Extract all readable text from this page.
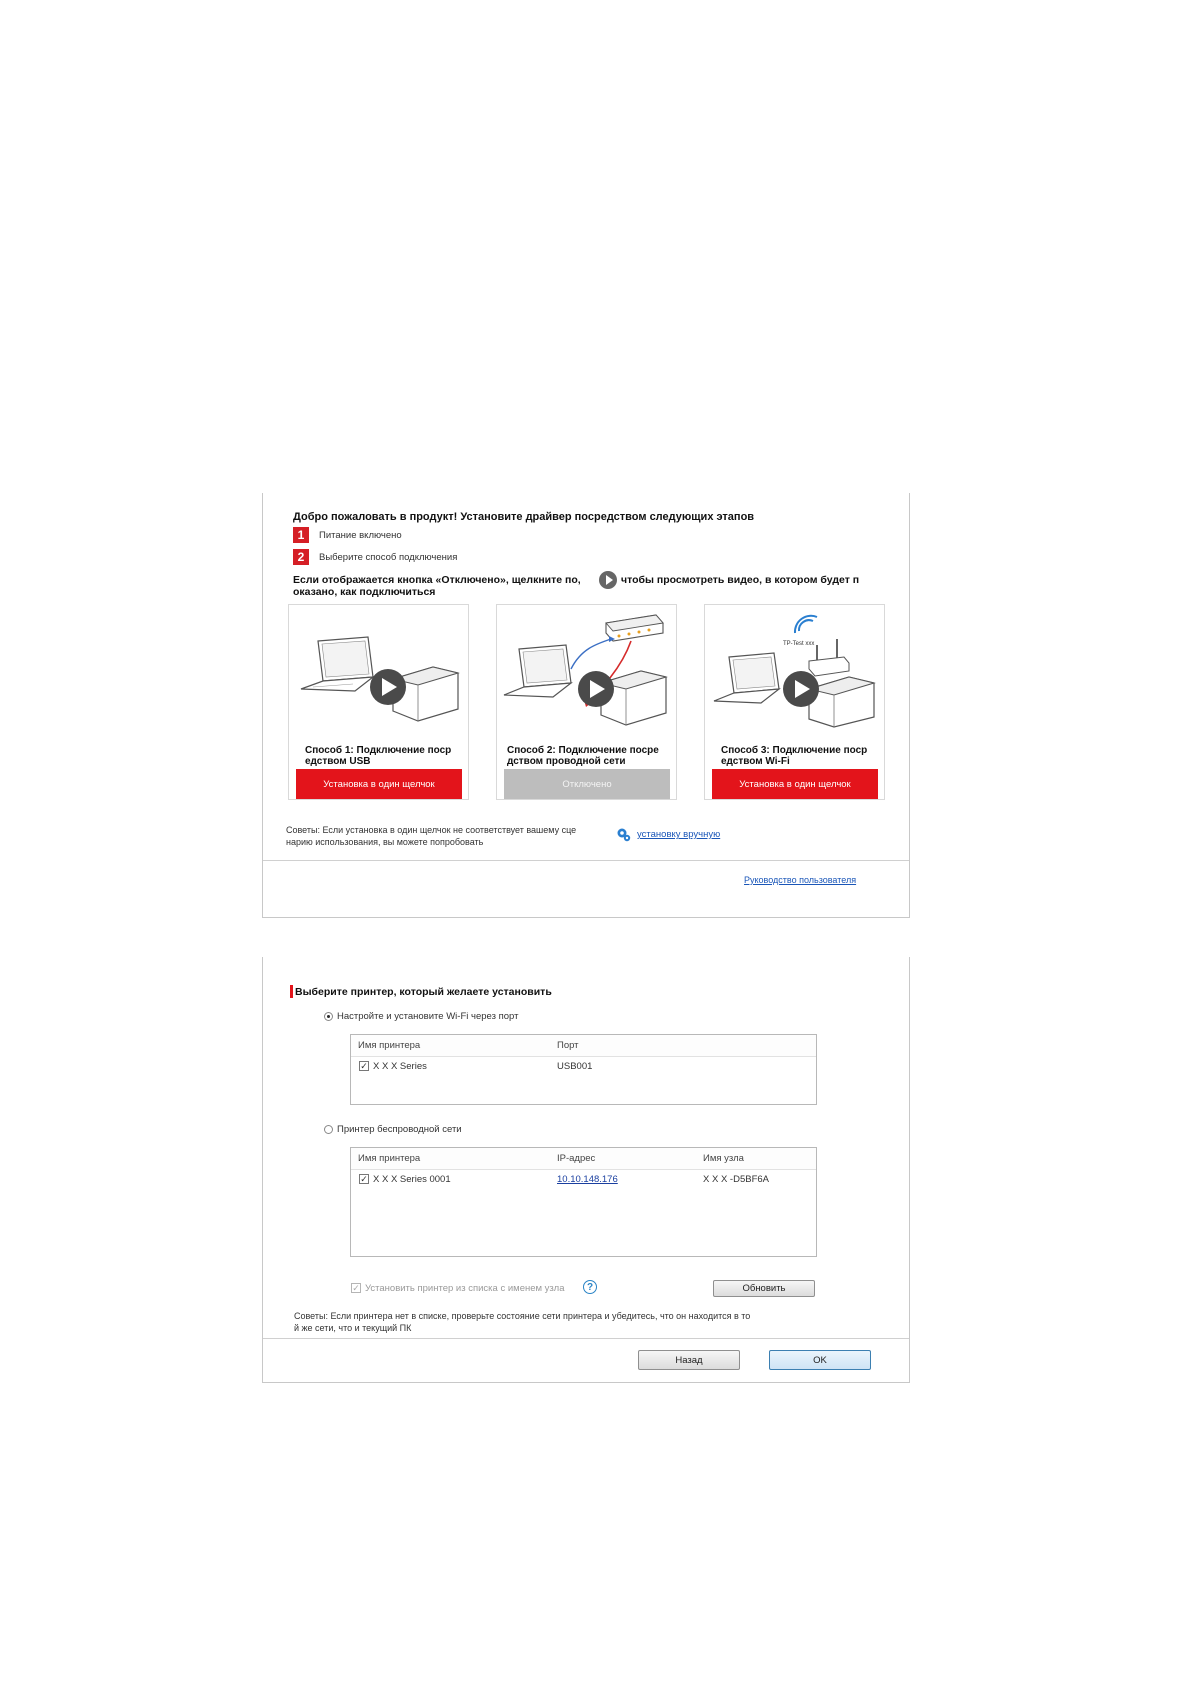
Добро пожаловать в продукт! Установите драйвер посредством следующих этапов
1	Питание включено
2	Выберите способ подключения
Если отображается кнопка «Отключено», щелкните по,	чтобы просмотреть видео, в котором будет п
оказано, как подключиться
Способ 1: Подключение поср
едством USB
Установка в один щелчок
Способ 2: Подключение посре
дством проводной сети
Отключено
TP-Test xxx
Способ 3: Подключение поср
едством Wi-Fi
Установка в один щелчок
Советы: Если установка в один щелчок не соответствует вашему сце
нарию использования, вы можете попробовать
установку вручную
Руководство пользователя
Выберите принтер, который желаете установить
Настройте и установите Wi-Fi через порт
Имя принтера	Порт
✓ X X X Series	USB001
Принтер беспроводной сети
Имя принтера	IP-адрес	Имя узла
✓ X X X Series 0001	10.10.148.176	X X X -D5BF6A
✓ Установить принтер из списка с именем узла	?	Обновить
Советы: Если принтера нет в списке, проверьте состояние сети принтера и убедитесь, что он находится в то
й же сети, что и текущий ПК
Назад	OK
